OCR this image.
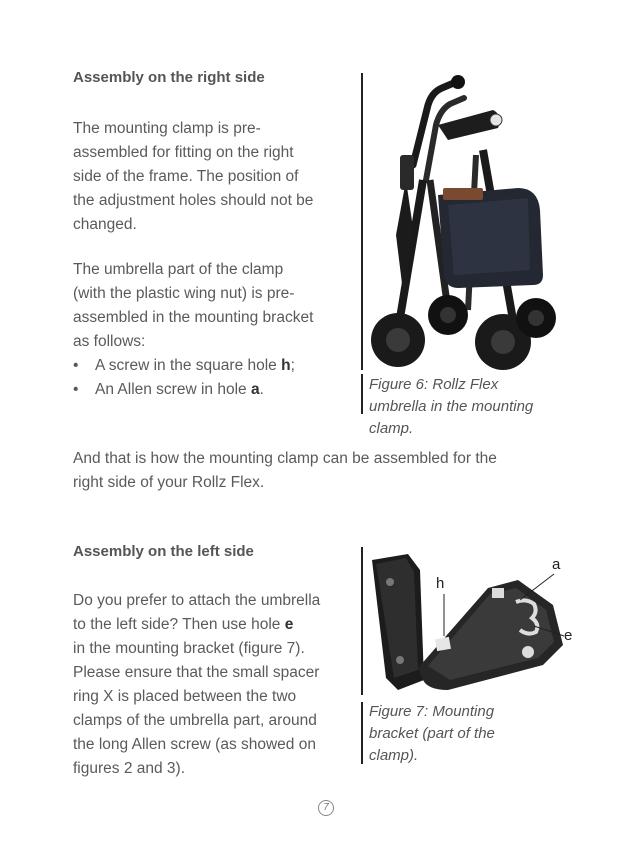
Assembly on the right side

The mounting clamp is pre-

assembled for fitting on the right

side of the frame. The position of

the adjustment holes should not be

changed.

The umbrella part of the clamp

(with the plastic wing nut) is pre-

assembled in the mounting bracket

as follows:

• A screw in the square hole h;
• An Allen screw in hole a.	Figure 6: Rollz Flex
umbrella in the mounting
clamp.

And that is how the mounting clamp can be assembled for the

right side of your Rollz Flex.

Assembly on the left side

Do you prefer to attach the umbrella

to the left side? Then use hole e

in the mounting bracket (figure 7).

Please ensure that the small spacer

ring X is placed between the two

clamps of the umbrella part, around

the long Allen screw (as showed on

figures 2 and 3).

h
a
e
Figure 7: Mounting
bracket (part of the
clamp).
7
